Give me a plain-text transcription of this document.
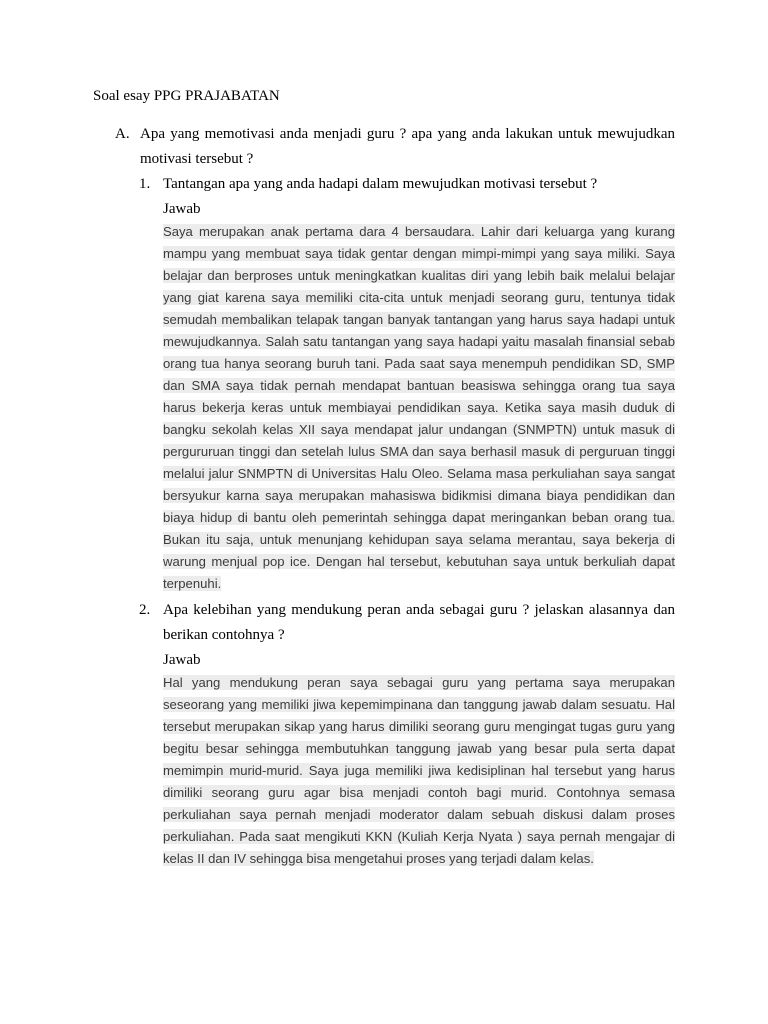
Soal esay PPG PRAJABATAN
A. Apa yang memotivasi anda menjadi guru ? apa yang anda lakukan untuk mewujudkan motivasi tersebut ?
1. Tantangan apa yang anda hadapi dalam mewujudkan motivasi tersebut ?
Jawab
Saya merupakan anak pertama dara 4 bersaudara. Lahir dari keluarga yang kurang mampu yang membuat saya tidak gentar dengan mimpi-mimpi yang saya miliki. Saya belajar dan berproses untuk meningkatkan kualitas diri yang lebih baik melalui belajar yang giat karena saya memiliki cita-cita untuk menjadi seorang guru, tentunya tidak semudah membalikan telapak tangan banyak tantangan yang harus saya hadapi untuk mewujudkannya. Salah satu tantangan yang saya hadapi yaitu masalah finansial sebab orang tua hanya seorang buruh tani. Pada saat saya menempuh pendidikan SD, SMP dan SMA saya tidak pernah mendapat bantuan beasiswa sehingga orang tua saya harus bekerja keras untuk membiayai pendidikan saya. Ketika saya masih duduk di bangku sekolah kelas XII saya mendapat jalur undangan (SNMPTN) untuk masuk di pergururuan tinggi dan setelah lulus SMA dan saya berhasil masuk di perguruan tinggi melalui jalur SNMPTN di Universitas Halu Oleo. Selama masa perkuliahan saya sangat bersyukur karna saya merupakan mahasiswa bidikmisi dimana biaya pendidikan dan biaya hidup di bantu oleh pemerintah sehingga dapat meringankan beban orang tua. Bukan itu saja, untuk menunjang kehidupan saya selama merantau, saya bekerja di warung menjual pop ice. Dengan hal tersebut, kebutuhan saya untuk berkuliah dapat terpenuhi.
2. Apa kelebihan yang mendukung peran anda sebagai guru ? jelaskan alasannya dan berikan contohnya ?
Jawab
Hal yang mendukung peran saya sebagai guru yang pertama saya merupakan seseorang yang memiliki jiwa kepemimpinana dan tanggung jawab dalam sesuatu. Hal tersebut merupakan sikap yang harus dimiliki seorang guru mengingat tugas guru yang begitu besar sehingga membutuhkan tanggung jawab yang besar pula serta dapat memimpin murid-murid. Saya juga memiliki jiwa kedisiplinan hal tersebut yang harus dimiliki seorang guru agar bisa menjadi contoh bagi murid. Contohnya semasa perkuliahan saya pernah menjadi moderator dalam sebuah diskusi dalam proses perkuliahan. Pada saat mengikuti KKN (Kuliah Kerja Nyata ) saya pernah mengajar di kelas II dan IV sehingga bisa mengetahui proses yang terjadi dalam kelas.
